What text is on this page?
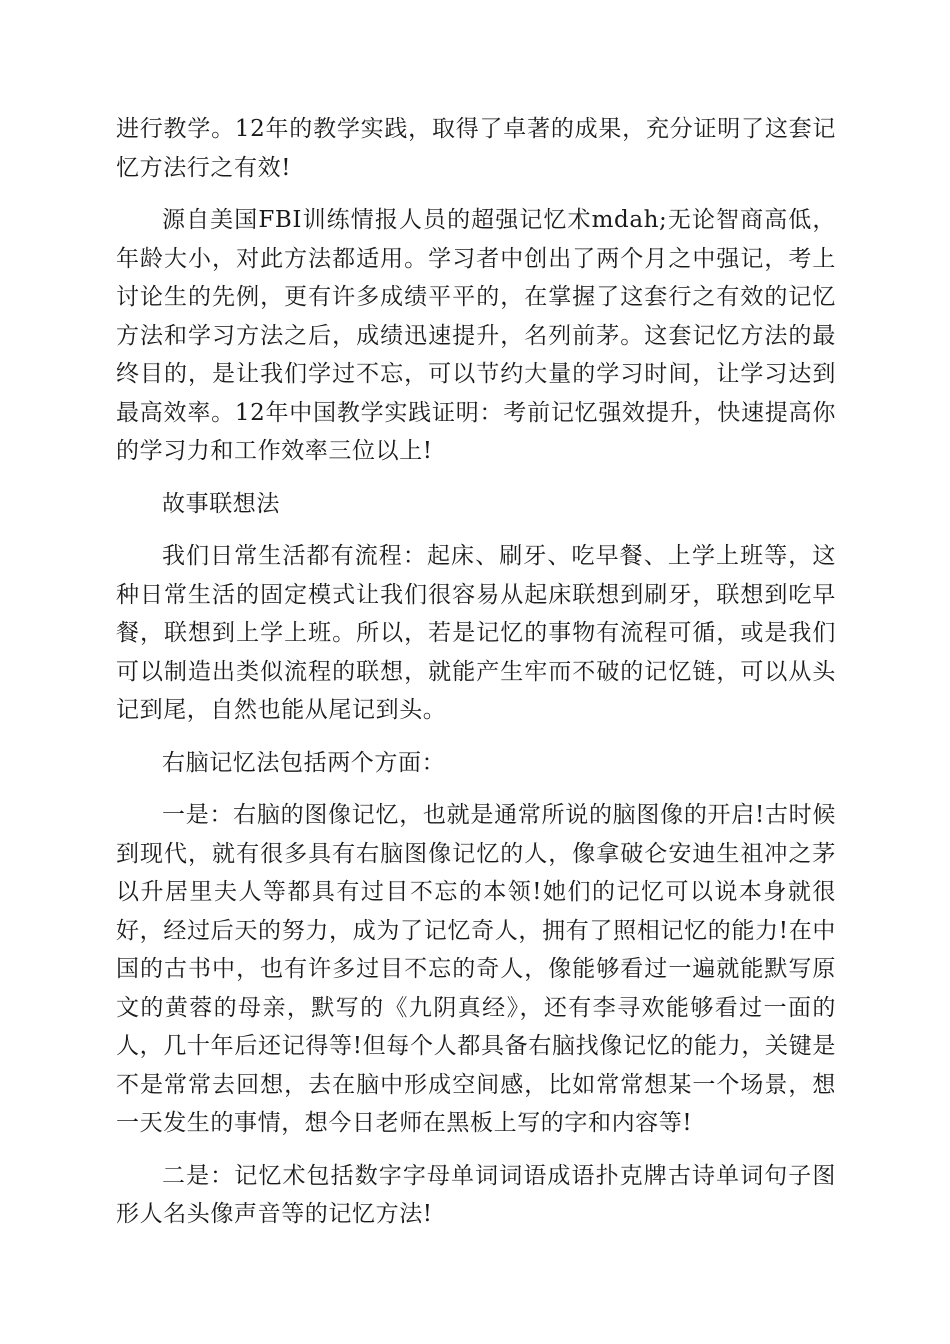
进行教学。12年的教学实践，取得了卓著的成果，充分证明了这套记忆方法行之有效!

源自美国FBI训练情报人员的超强记忆术mdah;无论智商高低，年龄大小，对此方法都适用。学习者中创出了两个月之中强记，考上讨论生的先例，更有许多成绩平平的，在掌握了这套行之有效的记忆方法和学习方法之后，成绩迅速提升，名列前茅。这套记忆方法的最终目的，是让我们学过不忘，可以节约大量的学习时间，让学习达到最高效率。12年中国教学实践证明：考前记忆强效提升，快速提高你的学习力和工作效率三位以上!

故事联想法

我们日常生活都有流程：起床、刷牙、吃早餐、上学上班等，这种日常生活的固定模式让我们很容易从起床联想到刷牙，联想到吃早餐，联想到上学上班。所以，若是记忆的事物有流程可循，或是我们可以制造出类似流程的联想，就能产生牢而不破的记忆链，可以从头记到尾，自然也能从尾记到头。

右脑记忆法包括两个方面：

一是：右脑的图像记忆，也就是通常所说的脑图像的开启!古时候到现代，就有很多具有右脑图像记忆的人，像拿破仑安迪生祖冲之茅以升居里夫人等都具有过目不忘的本领!她们的记忆可以说本身就很好，经过后天的努力，成为了记忆奇人，拥有了照相记忆的能力!在中国的古书中，也有许多过目不忘的奇人，像能够看过一遍就能默写原文的黄蓉的母亲，默写的《九阴真经》，还有李寻欢能够看过一面的人，几十年后还记得等!但每个人都具备右脑找像记忆的能力，关键是不是常常去回想，去在脑中形成空间感，比如常常想某一个场景，想一天发生的事情，想今日老师在黑板上写的字和内容等!

二是：记忆术包括数字字母单词词语成语扑克牌古诗单词句子图形人名头像声音等的记忆方法!
